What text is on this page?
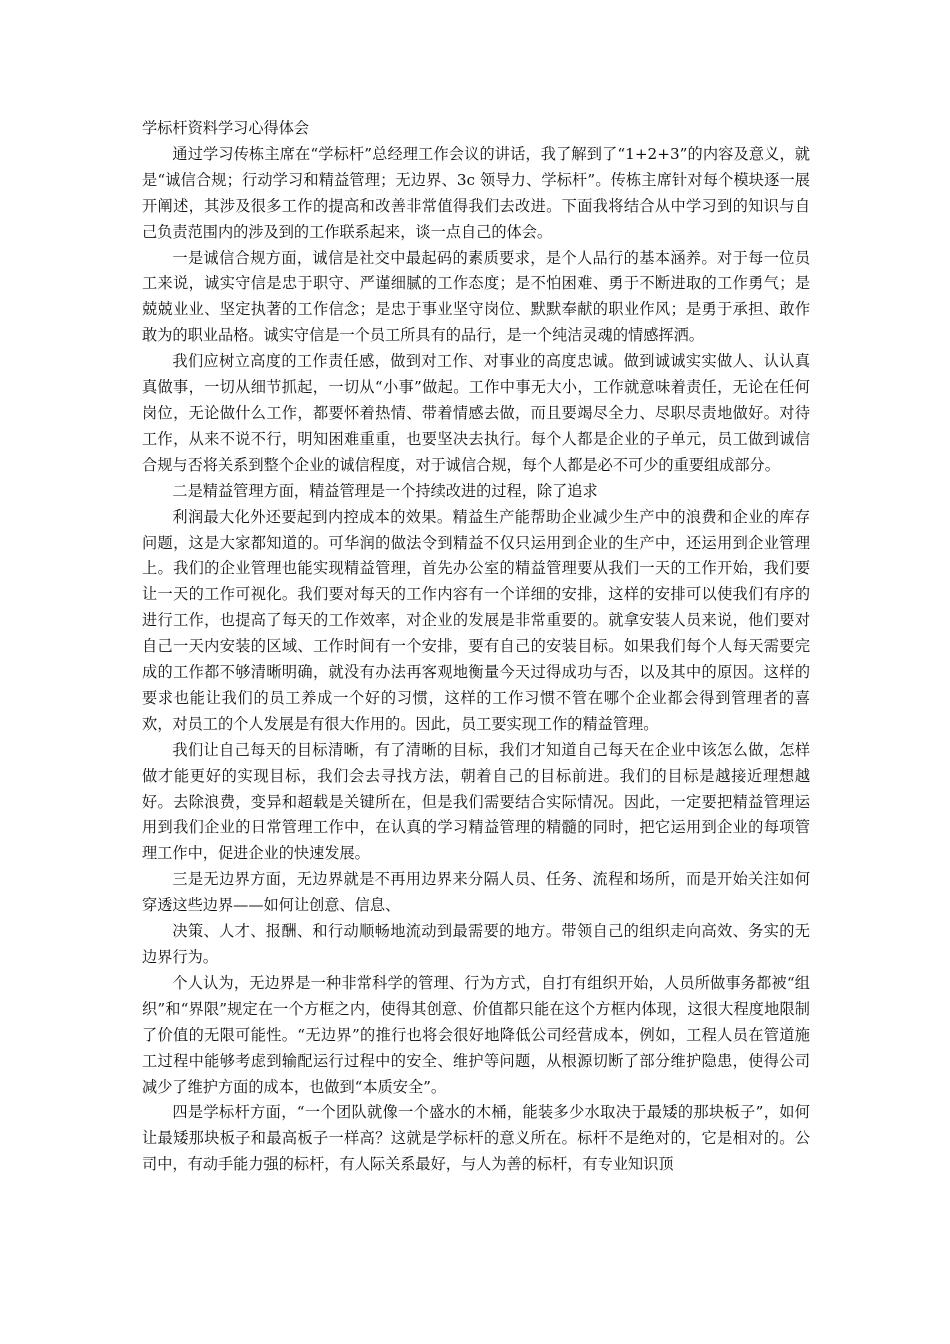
学标杆资料学习心得体会

通过学习传栋主席在“学标杆”总经理工作会议的讲话，我了解到了“1+2+3”的内容及意义，就是“诚信合规；行动学习和精益管理；无边界、3c 领导力、学标杆”。传栋主席针对每个模块逐一展开阐述，其涉及很多工作的提高和改善非常值得我们去改进。下面我将结合从中学习到的知识与自己负责范围内的涉及到的工作联系起来，谈一点自己的体会。

一是诚信合规方面，诚信是社交中最起码的素质要求，是个人品行的基本涵养。对于每一位员工来说，诚实守信是忠于职守、严谨细腻的工作态度；是不怕困难、勇于不断进取的工作勇气；是兢兢业业、坚定执著的工作信念；是忠于事业坚守岗位、默默奉献的职业作风；是勇于承担、敢作敢为的职业品格。诚实守信是一个员工所具有的品行，是一个纯洁灵魂的情感挥洒。

我们应树立高度的工作责任感，做到对工作、对事业的高度忠诚。做到诚诚实实做人、认认真真做事，一切从细节抓起，一切从“小事”做起。工作中事无大小，工作就意味着责任，无论在任何岗位，无论做什么工作，都要怀着热情、带着情感去做，而且要竭尽全力、尽职尽责地做好。对待工作，从来不说不行，明知困难重重，也要坚决去执行。每个人都是企业的子单元，员工做到诚信合规与否将关系到整个企业的诚信程度，对于诚信合规，每个人都是必不可少的重要组成部分。

二是精益管理方面，精益管理是一个持续改进的过程，除了追求

利润最大化外还要起到内控成本的效果。精益生产能帮助企业减少生产中的浪费和企业的库存问题，这是大家都知道的。可华润的做法令到精益不仅只运用到企业的生产中，还运用到企业管理上。我们的企业管理也能实现精益管理，首先办公室的精益管理要从我们一天的工作开始，我们要让一天的工作可视化。我们要对每天的工作内容有一个详细的安排，这样的安排可以使我们有序的进行工作，也提高了每天的工作效率，对企业的发展是非常重要的。就拿安装人员来说，他们要对自己一天内安装的区域、工作时间有一个安排，要有自己的安装目标。如果我们每个人每天需要完成的工作都不够清晰明确，就没有办法再客观地衡量今天过得成功与否，以及其中的原因。这样的要求也能让我们的员工养成一个好的习惯，这样的工作习惯不管在哪个企业都会得到管理者的喜欢，对员工的个人发展是有很大作用的。因此，员工要实现工作的精益管理。

我们让自己每天的目标清晰，有了清晰的目标，我们才知道自己每天在企业中该怎么做，怎样做才能更好的实现目标，我们会去寻找方法，朝着自己的目标前进。我们的目标是越接近理想越好。去除浪费，变异和超载是关键所在，但是我们需要结合实际情况。因此，一定要把精益管理运用到我们企业的日常管理工作中，在认真的学习精益管理的精髓的同时，把它运用到企业的每项管理工作中，促进企业的快速发展。

三是无边界方面，无边界就是不再用边界来分隔人员、任务、流程和场所，而是开始关注如何穿透这些边界——如何让创意、信息、

决策、人才、报酬、和行动顺畅地流动到最需要的地方。带领自己的组织走向高效、务实的无边界行为。

个人认为，无边界是一种非常科学的管理、行为方式，自打有组织开始，人员所做事务都被“组织”和“界限”规定在一个方框之内，使得其创意、价值都只能在这个方框内体现，这很大程度地限制了价值的无限可能性。“无边界”的推行也将会很好地降低公司经营成本，例如，工程人员在管道施工过程中能够考虑到输配运行过程中的安全、维护等问题，从根源切断了部分维护隐患，使得公司减少了维护方面的成本，也做到“本质安全”。

四是学标杆方面，“一个团队就像一个盛水的木桶，能装多少水取决于最矮的那块板子”，如何让最矮那块板子和最高板子一样高？这就是学标杆的意义所在。标杆不是绝对的，它是相对的。公司中，有动手能力强的标杆，有人际关系最好，与人为善的标杆，有专业知识顶
